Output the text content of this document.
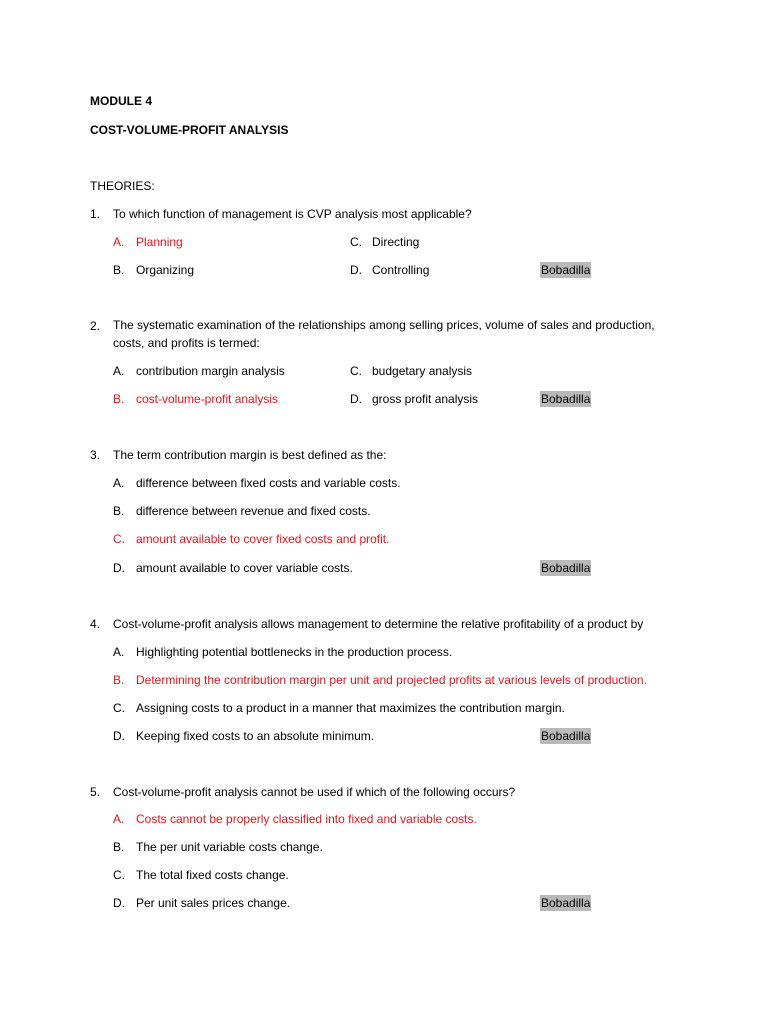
MODULE 4
COST-VOLUME-PROFIT ANALYSIS
THEORIES:
1. To which function of management is CVP analysis most applicable?
A. Planning
B. Organizing
C. Directing
D. Controlling	Bobadilla
2. The systematic examination of the relationships among selling prices, volume of sales and production, costs, and profits is termed:
A. contribution margin analysis
B. cost-volume-profit analysis
C. budgetary analysis
D. gross profit analysis	Bobadilla
3. The term contribution margin is best defined as the:
A. difference between fixed costs and variable costs.
B. difference between revenue and fixed costs.
C. amount available to cover fixed costs and profit.
D. amount available to cover variable costs.	Bobadilla
4. Cost-volume-profit analysis allows management to determine the relative profitability of a product by
A. Highlighting potential bottlenecks in the production process.
B. Determining the contribution margin per unit and projected profits at various levels of production.
C. Assigning costs to a product in a manner that maximizes the contribution margin.
D. Keeping fixed costs to an absolute minimum.	Bobadilla
5. Cost-volume-profit analysis cannot be used if which of the following occurs?
A. Costs cannot be properly classified into fixed and variable costs.
B. The per unit variable costs change.
C. The total fixed costs change.
D. Per unit sales prices change.	Bobadilla
